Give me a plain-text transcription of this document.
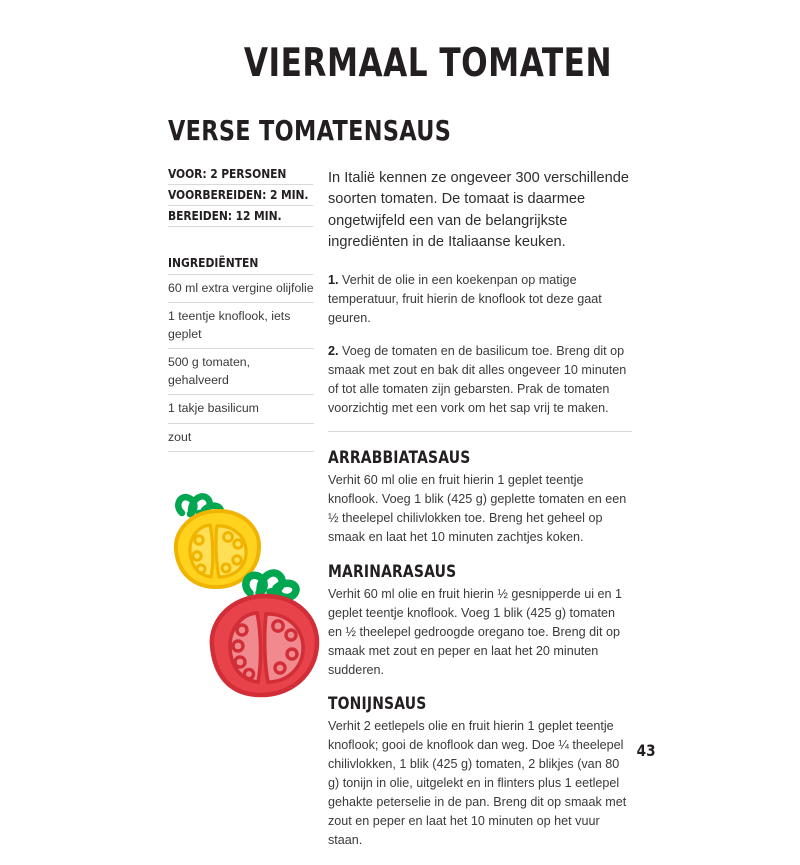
VIERMAAL TOMATEN
VERSE TOMATENSAUS
VOOR: 2 PERSONEN
VOORBEREIDEN: 2 MIN.
BEREIDEN: 12 MIN.
INGREDIËNTEN
60 ml extra vergine olijfolie
1 teentje knoflook, iets geplet
500 g tomaten, gehalveerd
1 takje basilicum
zout

In Italië kennen ze ongeveer 300 verschillende soorten tomaten. De tomaat is daarmee ongetwijfeld een van de belangrijkste ingrediënten in de Italiaanse keuken.

1. Verhit de olie in een koekenpan op matige temperatuur, fruit hierin de knoflook tot deze gaat geuren.

2. Voeg de tomaten en de basilicum toe. Breng dit op smaak met zout en bak dit alles ongeveer 10 minuten of tot alle tomaten zijn gebarsten. Prak de tomaten voorzichtig met een vork om het sap vrij te maken.

ARRABBIATASAUS

Verhit 60 ml olie en fruit hierin 1 geplet teentje knoflook. Voeg 1 blik (425 g) geplette tomaten en een ½ theelepel chilivlokken toe. Breng het geheel op smaak en laat het 10 minuten zachtjes koken.

MARINARASAUS

Verhit 60 ml olie en fruit hierin ½ gesnipperde ui en 1 geplet teentje knoflook. Voeg 1 blik (425 g) tomaten en ½ theelepel gedroogde oregano toe. Breng dit op smaak met zout en peper en laat het 20 minuten sudderen.

TONIJNSAUS

Verhit 2 eetlepels olie en fruit hierin 1 geplet teentje knoflook; gooi de knoflook dan weg. Doe ¼ theelepel chilivlokken, 1 blik (425 g) tomaten, 2 blikjes (van 80 g) tonijn in olie, uitgelekt en in flinters plus 1 eetlepel gehakte peterselie in de pan. Breng dit op smaak met zout en peper en laat het 10 minuten op het vuur staan.

43
